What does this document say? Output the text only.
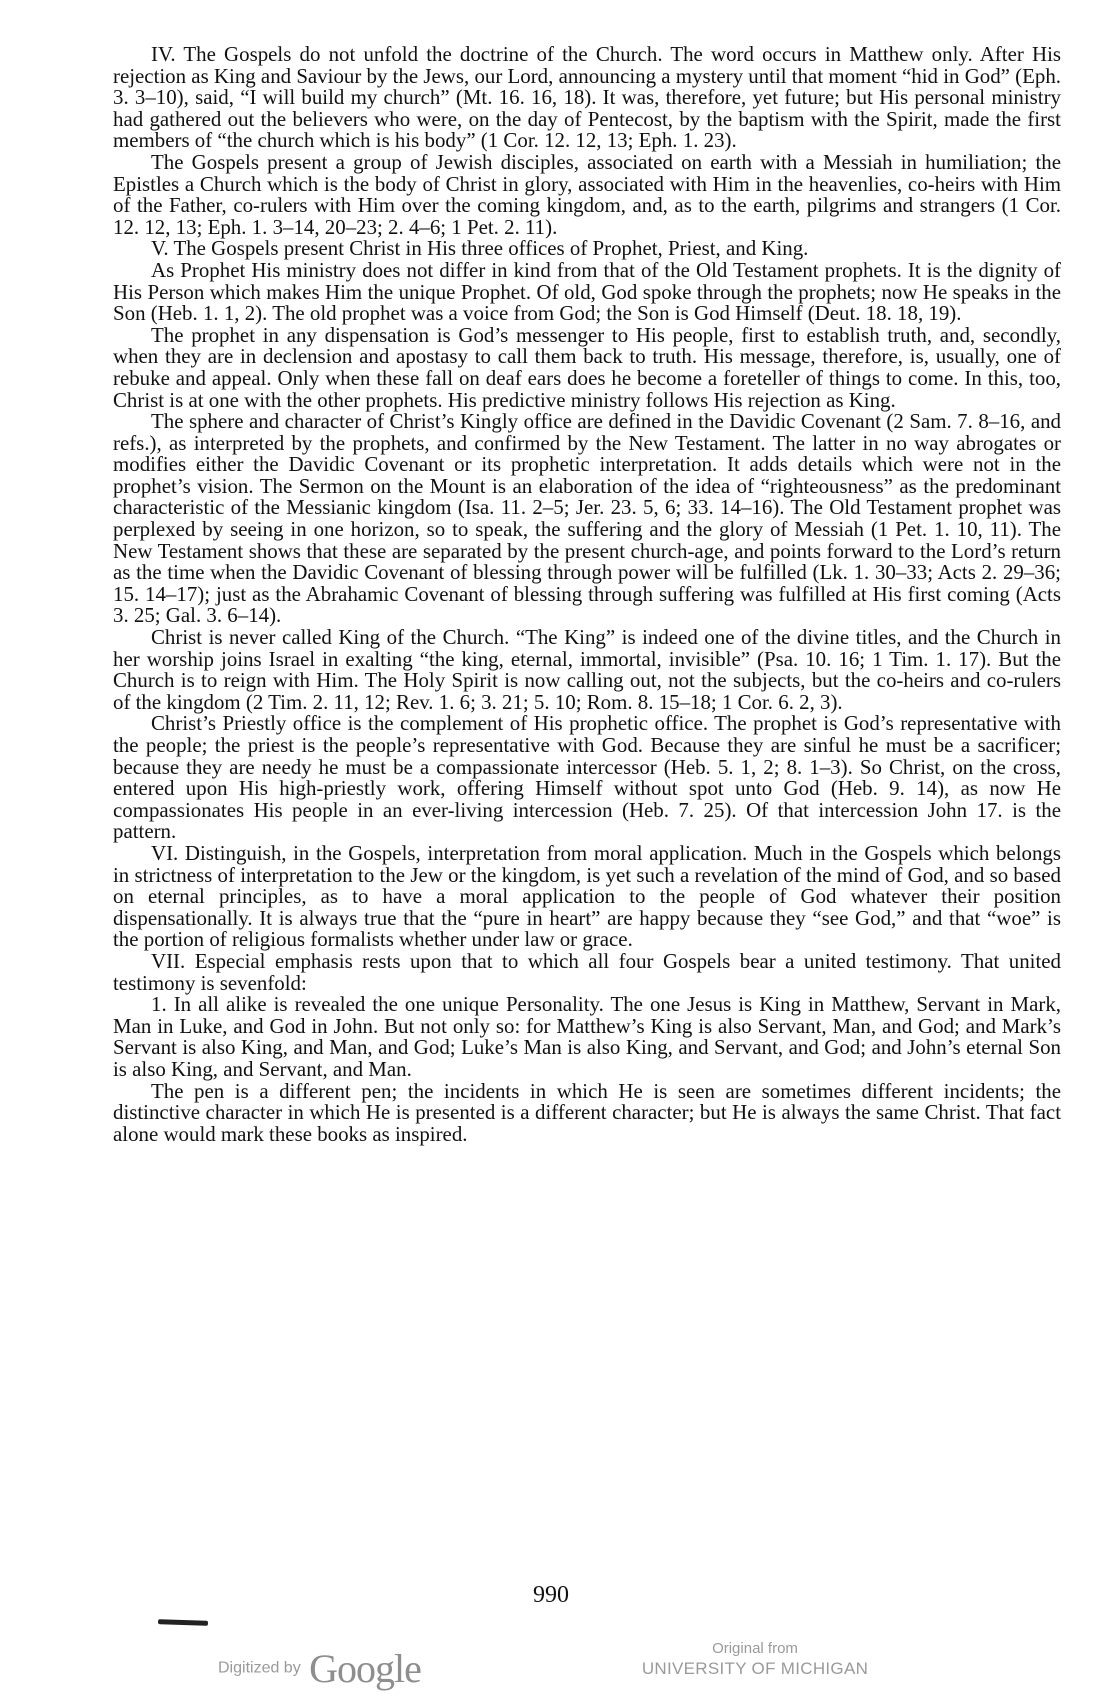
IV. The Gospels do not unfold the doctrine of the Church. The word occurs in Matthew only. After His rejection as King and Saviour by the Jews, our Lord, announcing a mystery until that moment “hid in God” (Eph. 3. 3–10), said, “I will build my church” (Mt. 16. 16, 18). It was, therefore, yet future; but His personal ministry had gathered out the believers who were, on the day of Pentecost, by the baptism with the Spirit, made the first members of “the church which is his body” (1 Cor. 12. 12, 13; Eph. 1. 23).

The Gospels present a group of Jewish disciples, associated on earth with a Messiah in humiliation; the Epistles a Church which is the body of Christ in glory, associated with Him in the heavenlies, co-heirs with Him of the Father, co-rulers with Him over the coming kingdom, and, as to the earth, pilgrims and strangers (1 Cor. 12. 12, 13; Eph. 1. 3–14, 20–23; 2. 4–6; 1 Pet. 2. 11).

V. The Gospels present Christ in His three offices of Prophet, Priest, and King.

As Prophet His ministry does not differ in kind from that of the Old Testament prophets. It is the dignity of His Person which makes Him the unique Prophet. Of old, God spoke through the prophets; now He speaks in the Son (Heb. 1. 1, 2). The old prophet was a voice from God; the Son is God Himself (Deut. 18. 18, 19).

The prophet in any dispensation is God’s messenger to His people, first to establish truth, and, secondly, when they are in declension and apostasy to call them back to truth. His message, therefore, is, usually, one of rebuke and appeal. Only when these fall on deaf ears does he become a foreteller of things to come. In this, too, Christ is at one with the other prophets. His predictive ministry follows His rejection as King.

The sphere and character of Christ’s Kingly office are defined in the Davidic Covenant (2 Sam. 7. 8–16, and refs.), as interpreted by the prophets, and confirmed by the New Testament. The latter in no way abrogates or modifies either the Davidic Covenant or its prophetic interpretation. It adds details which were not in the prophet’s vision. The Sermon on the Mount is an elaboration of the idea of “righteousness” as the predominant characteristic of the Messianic kingdom (Isa. 11. 2–5; Jer. 23. 5, 6; 33. 14–16). The Old Testament prophet was perplexed by seeing in one horizon, so to speak, the suffering and the glory of Messiah (1 Pet. 1. 10, 11). The New Testament shows that these are separated by the present church-age, and points forward to the Lord’s return as the time when the Davidic Covenant of blessing through power will be fulfilled (Lk. 1. 30–33; Acts 2. 29–36; 15. 14–17); just as the Abrahamic Covenant of blessing through suffering was fulfilled at His first coming (Acts 3. 25; Gal. 3. 6–14).

Christ is never called King of the Church. “The King” is indeed one of the divine titles, and the Church in her worship joins Israel in exalting “the king, eternal, immortal, invisible” (Psa. 10. 16; 1 Tim. 1. 17). But the Church is to reign with Him. The Holy Spirit is now calling out, not the subjects, but the co-heirs and co-rulers of the kingdom (2 Tim. 2. 11, 12; Rev. 1. 6; 3. 21; 5. 10; Rom. 8. 15–18; 1 Cor. 6. 2, 3).

Christ’s Priestly office is the complement of His prophetic office. The prophet is God’s representative with the people; the priest is the people’s representative with God. Because they are sinful he must be a sacrificer; because they are needy he must be a compassionate intercessor (Heb. 5. 1, 2; 8. 1–3). So Christ, on the cross, entered upon His high-priestly work, offering Himself without spot unto God (Heb. 9. 14), as now He compassionates His people in an ever-living intercession (Heb. 7. 25). Of that intercession John 17. is the pattern.

VI. Distinguish, in the Gospels, interpretation from moral application. Much in the Gospels which belongs in strictness of interpretation to the Jew or the kingdom, is yet such a revelation of the mind of God, and so based on eternal principles, as to have a moral application to the people of God whatever their position dispensationally. It is always true that the “pure in heart” are happy because they “see God,” and that “woe” is the portion of religious formalists whether under law or grace.

VII. Especial emphasis rests upon that to which all four Gospels bear a united testimony. That united testimony is sevenfold:

1. In all alike is revealed the one unique Personality. The one Jesus is King in Matthew, Servant in Mark, Man in Luke, and God in John. But not only so: for Matthew’s King is also Servant, Man, and God; and Mark’s Servant is also King, and Man, and God; Luke’s Man is also King, and Servant, and God; and John’s eternal Son is also King, and Servant, and Man.

The pen is a different pen; the incidents in which He is seen are sometimes different incidents; the distinctive character in which He is presented is a different character; but He is always the same Christ. That fact alone would mark these books as inspired.

990
Digitized by Google	Original from
UNIVERSITY OF MICHIGAN
